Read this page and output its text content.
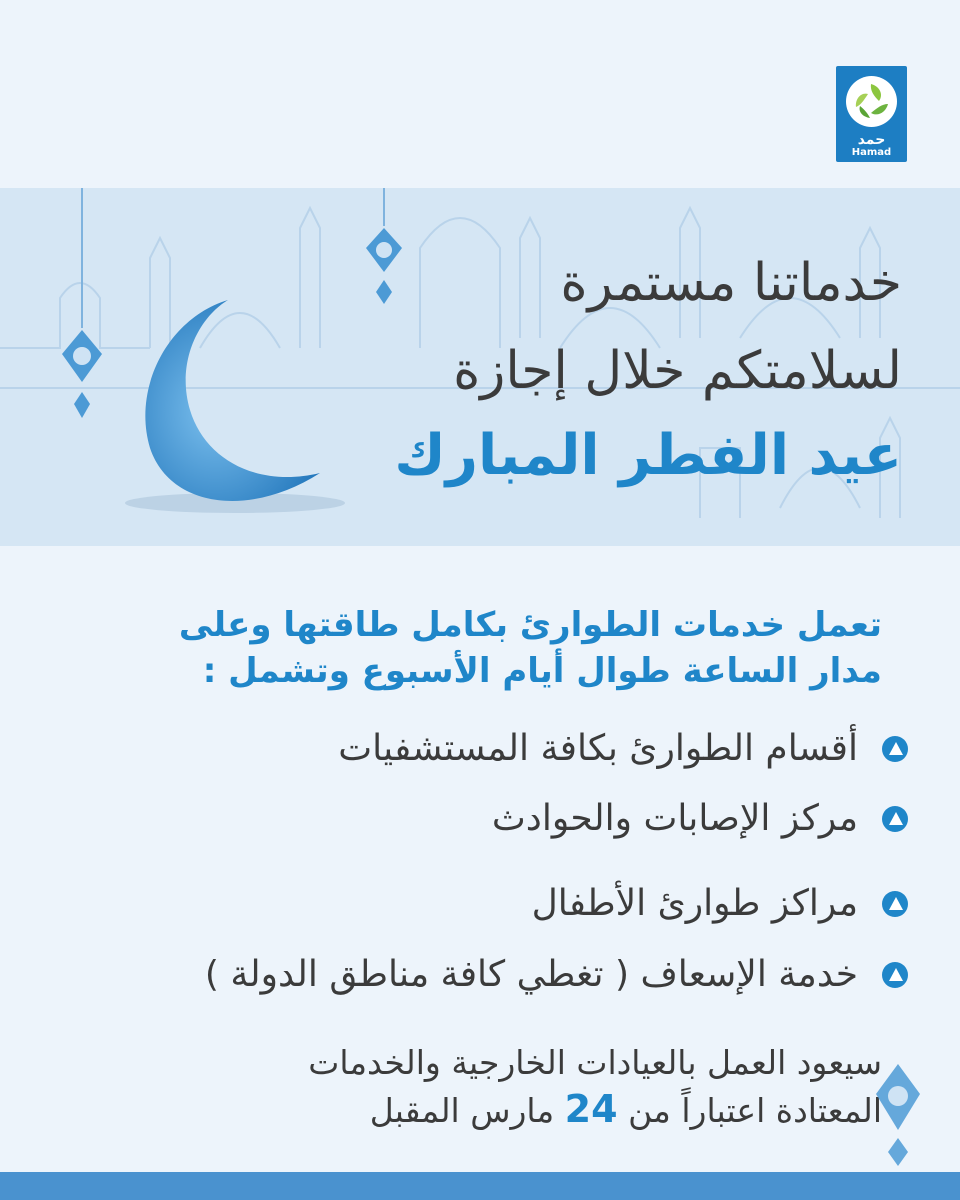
حمد
Hamad
خدماتنا مستمرة
لسلامتكم خلال إجازة
عيد الفطر المبارك
تعمل خدمات الطوارئ بكامل طاقتها وعلى
مدار الساعة طوال أيام الأسبوع وتشمل :
أقسام الطوارئ بكافة المستشفيات
مركز الإصابات والحوادث
مراكز طوارئ الأطفال
خدمة الإسعاف ( تغطي كافة مناطق الدولة )
سيعود العمل بالعيادات الخارجية والخدمات
المعتادة اعتباراً من 24 مارس المقبل
